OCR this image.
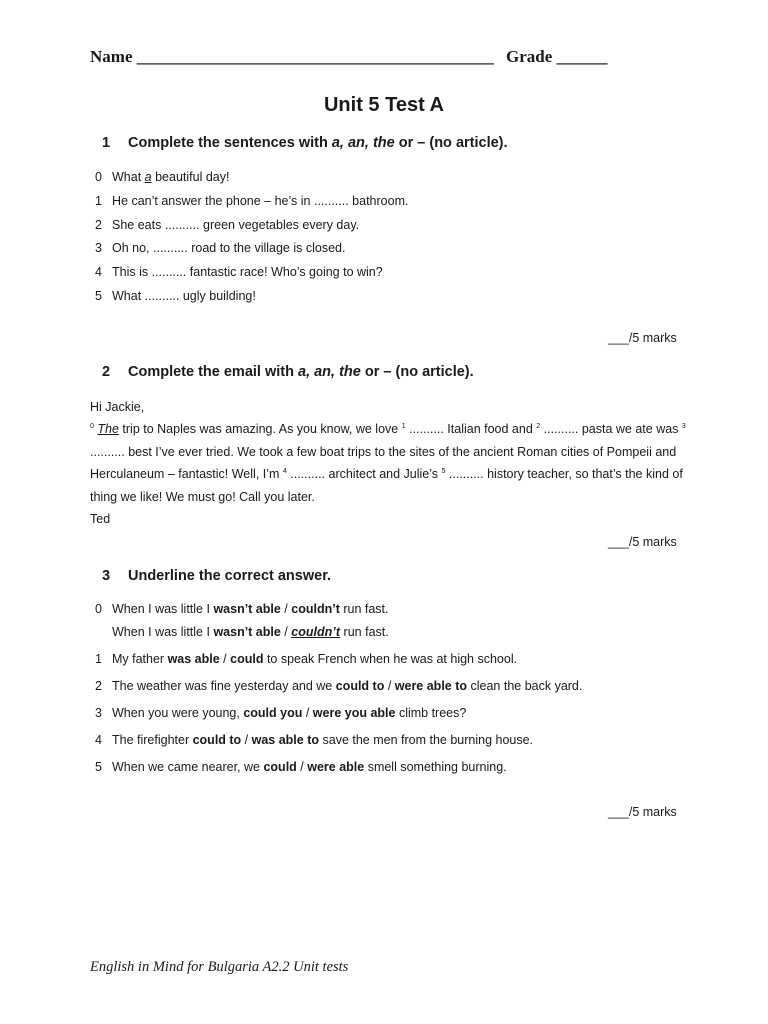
Name __________________________________________ Grade ______
Unit 5 Test A
1 Complete the sentences with a, an, the or – (no article).
0 What a beautiful day!
1 He can’t answer the phone – he’s in .......... bathroom.
2 She eats .......... green vegetables every day.
3 Oh no, .......... road to the village is closed.
4 This is .......... fantastic race! Who’s going to win?
5 What .......... ugly building!
___/5 marks
2 Complete the email with a, an, the or – (no article).
Hi Jackie,
$^0$ The trip to Naples was amazing. As you know, we love $^1$ .......... Italian food and $^2$ .......... pasta we ate was $^3$ .......... best I’ve ever tried. We took a few boat trips to the sites of the ancient Roman cities of Pompeii and Herculaneum – fantastic! Well, I’m $^4$ .......... architect and Julie’s $^5$ .......... history teacher, so that’s the kind of thing we like! We must go! Call you later.
Ted
___/5 marks
3 Underline the correct answer.
0 When I was little I wasn’t able / couldn’t run fast.
When I was little I wasn’t able / couldn’t run fast.
1 My father was able / could to speak French when he was at high school.
2 The weather was fine yesterday and we could to / were able to clean the back yard.
3 When you were young, could you / were you able climb trees?
4 The firefighter could to / was able to save the men from the burning house.
5 When we came nearer, we could / were able smell something burning.
___/5 marks
English in Mind for Bulgaria A2.2 Unit tests
